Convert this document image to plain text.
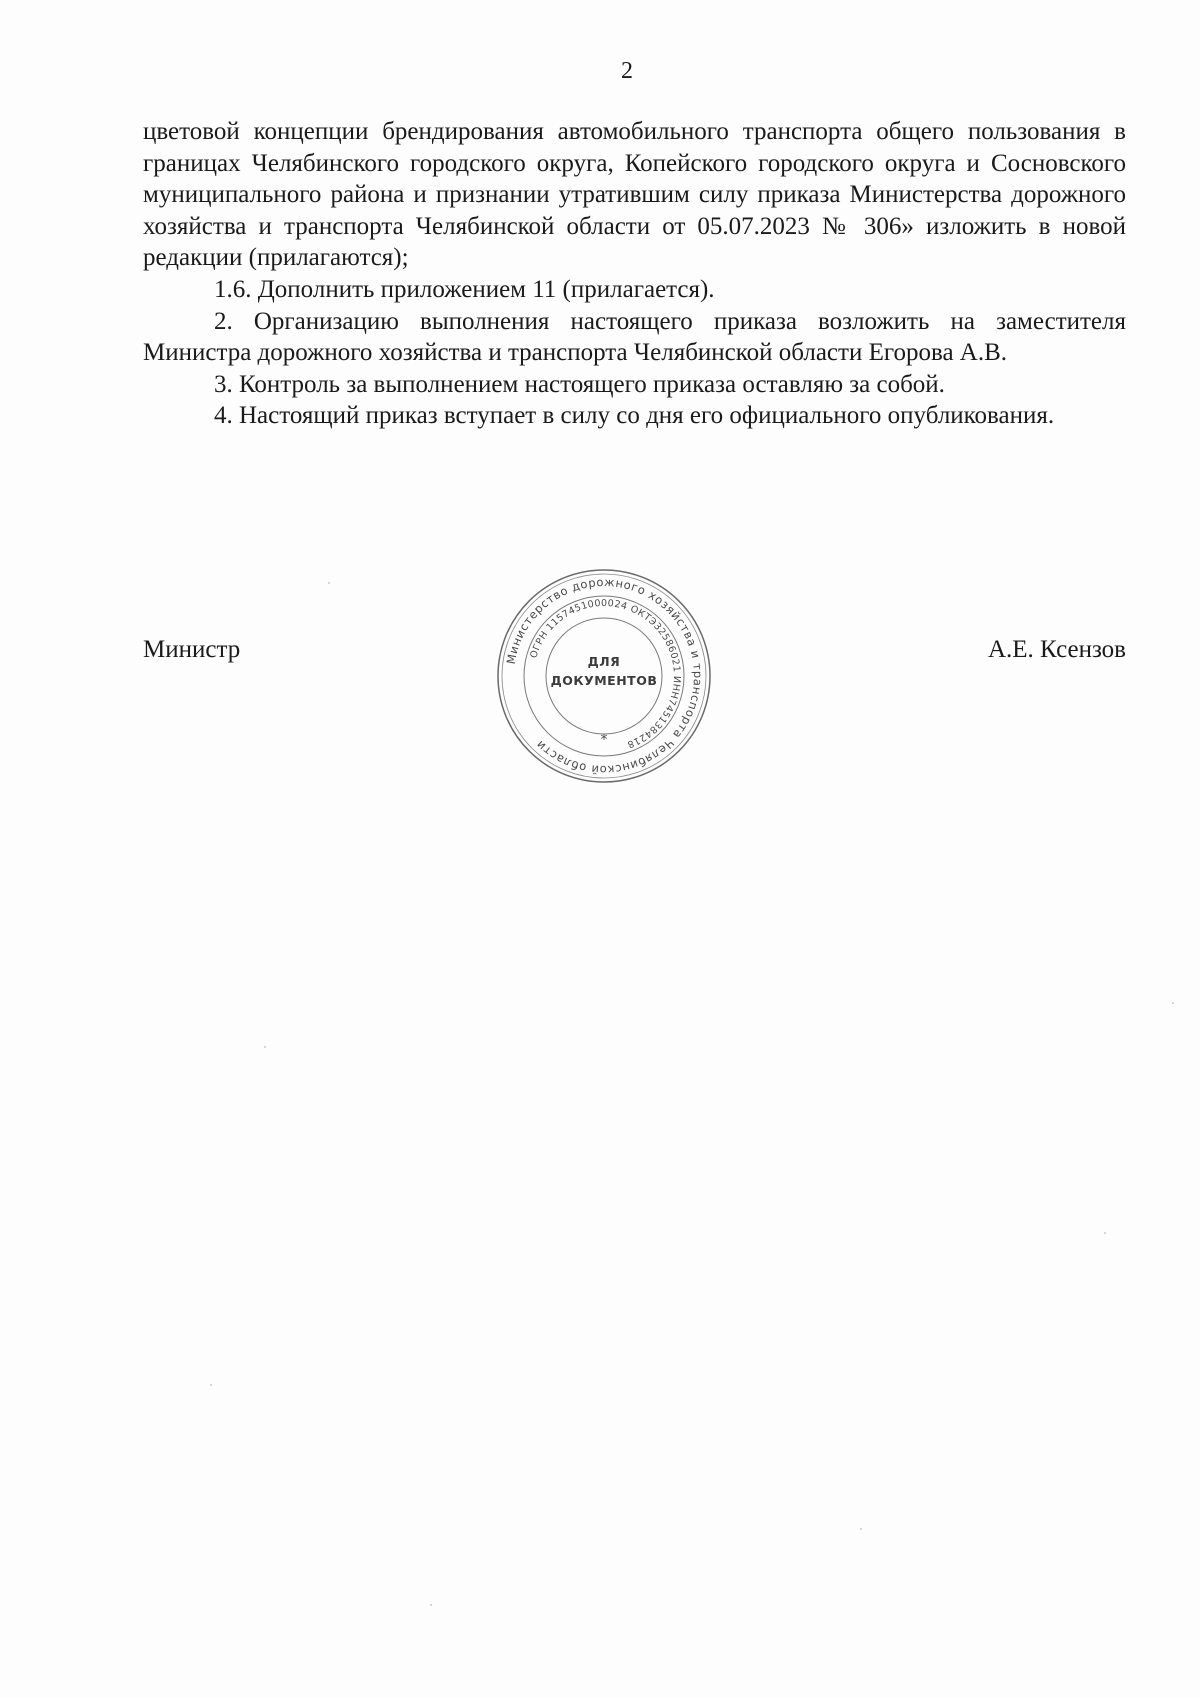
2

цветовой концепции брендирования автомобильного транспорта общего пользования в границах Челябинского городского округа, Копейского городского округа и Сосновского муниципального района и признании утратившим силу приказа Министерства дорожного хозяйства и транспорта Челябинской области от 05.07.2023 № 306» изложить в новой редакции (прилагаются);

1.6. Дополнить приложением 11 (прилагается).

2. Организацию выполнения настоящего приказа возложить на заместителя Министра дорожного хозяйства и транспорта Челябинской области Егорова А.В.

3. Контроль за выполнением настоящего приказа оставляю за собой.

4. Настоящий приказ вступает в силу со дня его официального опубликования.

Министр	А.Е. Ксензов
Министерство дорожного хозяйства и транспорта Челябинской области
ОГРН 1157451000024 ОКТЭ32586021 ИНН7451384218
*
ДЛЯ
ДОКУМЕНТОВ
